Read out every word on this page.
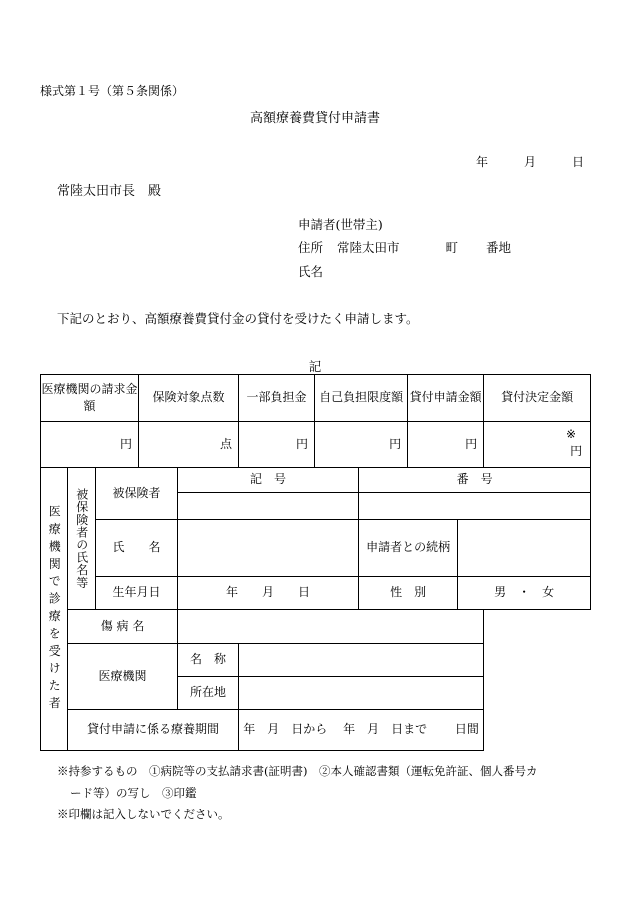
様式第１号（第５条関係）
高額療養費貸付申請書
年	月	日
常陸太田市長　殿
申請者(世帯主)
住所 常陸太田市	町 番地
氏名
下記のとおり、高額療養費貸付金の貸付を受けたく申請します。
記
医療機関の請求金額			保険対象点数		一部負担金	自己負担限度額		貸付申請金額		貸付決定金額

円			点		円	円		円		※
円

医療機関で診療を受けた者	被保険者の氏名等	被保険者		記　号			番　号			

		氏　　名					申請者との続柄			
		生年月日		年　　月　　日			性　別		男　・　女	
	傷 病 名									
	医療機関			名　称						
				所在地						
	貸付申請に係る療養期間				年　月　日から　 年　月　日まで　　 日間					
※持参するもの　①病院等の支払請求書(証明書)　②本人確認書類（運転免許証、個人番号カ
ード等）の写し　③印鑑
※印欄は記入しないでください。
